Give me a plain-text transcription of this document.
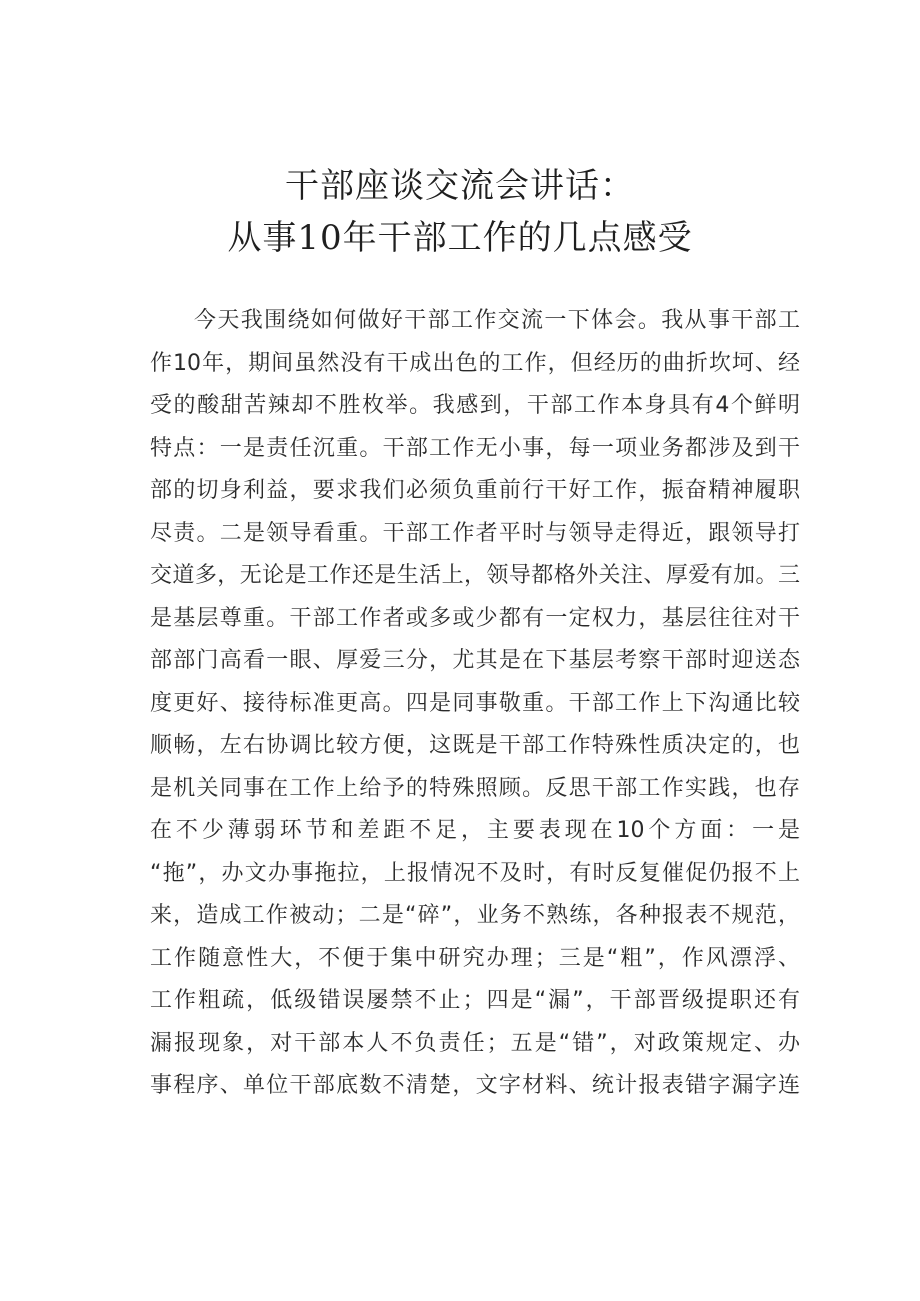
干部座谈交流会讲话：
从事10年干部工作的几点感受
今天我围绕如何做好干部工作交流一下体会。我从事干部工
作10年，期间虽然没有干成出色的工作，但经历的曲折坎坷、经
受的酸甜苦辣却不胜枚举。我感到，干部工作本身具有4个鲜明
特点：一是责任沉重。干部工作无小事，每一项业务都涉及到干
部的切身利益，要求我们必须负重前行干好工作，振奋精神履职
尽责。二是领导看重。干部工作者平时与领导走得近，跟领导打
交道多，无论是工作还是生活上，领导都格外关注、厚爱有加。三
是基层尊重。干部工作者或多或少都有一定权力，基层往往对干
部部门高看一眼、厚爱三分，尤其是在下基层考察干部时迎送态
度更好、接待标准更高。四是同事敬重。干部工作上下沟通比较
顺畅，左右协调比较方便，这既是干部工作特殊性质决定的，也
是机关同事在工作上给予的特殊照顾。反思干部工作实践，也存
在不少薄弱环节和差距不足，主要表现在10个方面：一是
“拖”，办文办事拖拉，上报情况不及时，有时反复催促仍报不上
来，造成工作被动；二是“碎”，业务不熟练，各种报表不规范，
工作随意性大，不便于集中研究办理；三是“粗”，作风漂浮、
工作粗疏，低级错误屡禁不止；四是“漏”，干部晋级提职还有
漏报现象，对干部本人不负责任；五是“错”，对政策规定、办
事程序、单位干部底数不清楚，文字材料、统计报表错字漏字连
